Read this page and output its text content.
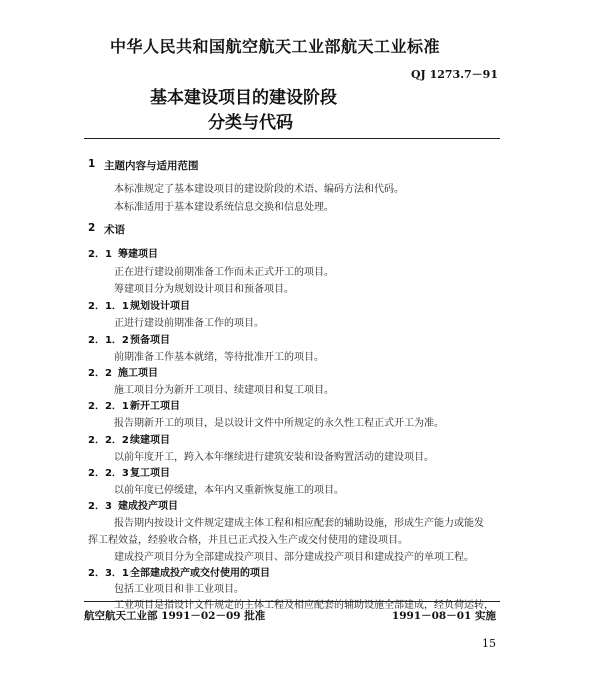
中华人民共和国航空航天工业部航天工业标准
QJ 1273.7－91
基本建设项目的建设阶段
分类与代码
1 主题内容与适用范围
本标准规定了基本建设项目的建设阶段的术语、编码方法和代码。
本标准适用于基本建设系统信息交换和信息处理。
2 术语
2．1 筹建项目
正在进行建设前期准备工作而未正式开工的项目。
筹建项目分为规划设计项目和预备项目。
2．1．1 规划设计项目
正进行建设前期准备工作的项目。
2．1．2 预备项目
前期准备工作基本就绪，等待批准开工的项目。
2．2 施工项目
施工项目分为新开工项目、续建项目和复工项目。
2．2．1 新开工项目
报告期新开工的项目，是以设计文件中所规定的永久性工程正式开工为准。
2．2．2 续建项目
以前年度开工，跨入本年继续进行建筑安装和设备购置活动的建设项目。
2．2．3 复工项目
以前年度已停缓建，本年内又重新恢复施工的项目。
2．3 建成投产项目
报告期内按设计文件规定建成主体工程和相应配套的辅助设施，形成生产能力或能发
挥工程效益，经验收合格，并且已正式投入生产或交付使用的建设项目。
建成投产项目分为全部建成投产项目、部分建成投产项目和建成投产的单项工程。
2．3．1 全部建成投产或交付使用的项目
包括工业项目和非工业项目。
工业项目是指设计文件规定的主体工程及相应配套的辅助设施全部建成，经负荷运转，
航空航天工业部 1991－02－09 批准	1991－08－01 实施
15
